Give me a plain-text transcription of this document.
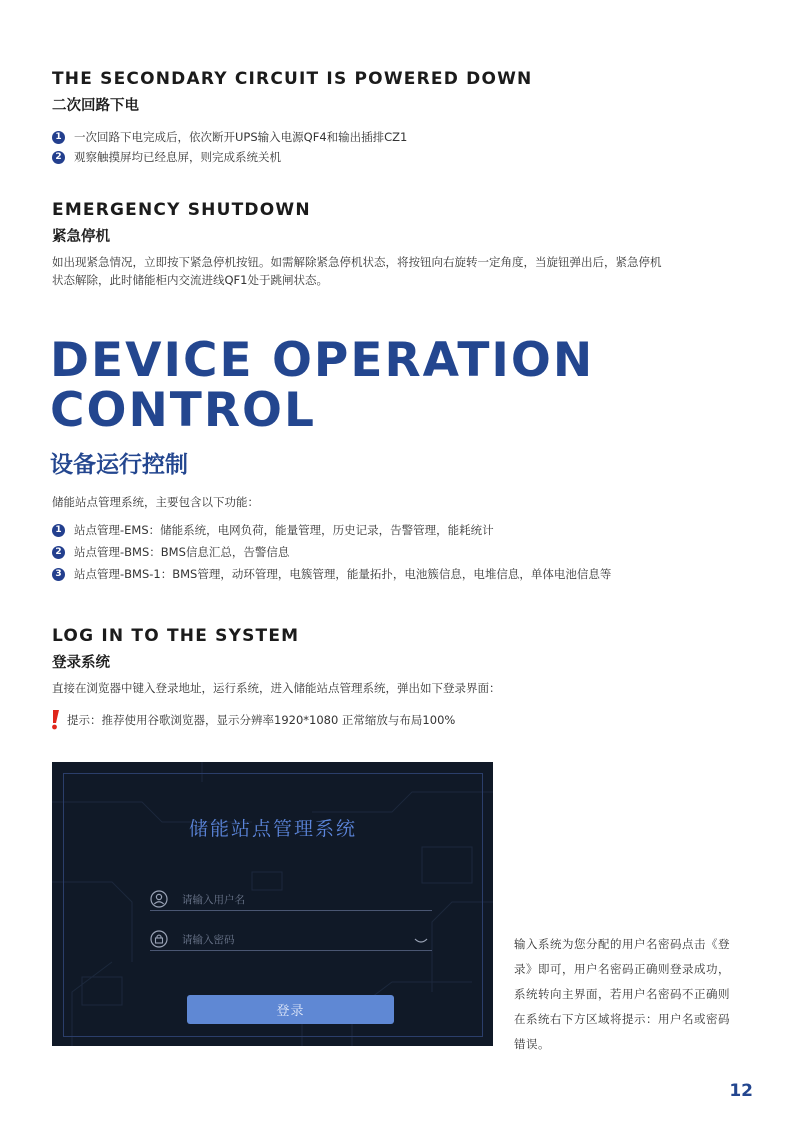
THE SECONDARY CIRCUIT IS POWERED DOWN
二次回路下电
1 一次回路下电完成后，依次断开UPS输入电源QF4和输出插排CZ1
2 观察触摸屏均已经息屏，则完成系统关机
EMERGENCY SHUTDOWN
紧急停机
如出现紧急情况，立即按下紧急停机按钮。如需解除紧急停机状态，将按钮向右旋转一定角度，当旋钮弹出后，紧急停机
状态解除，此时储能柜内交流进线QF1处于跳闸状态。
DEVICE OPERATION
CONTROL
设备运行控制
储能站点管理系统，主要包含以下功能：
1 站点管理-EMS：储能系统，电网负荷，能量管理，历史记录，告警管理，能耗统计
2 站点管理-BMS：BMS信息汇总，告警信息
3 站点管理-BMS-1：BMS管理，动环管理，电簇管理，能量拓扑，电池簇信息，电堆信息，单体电池信息等
LOG IN TO THE SYSTEM
登录系统
直接在浏览器中键入登录地址，运行系统，进入储能站点管理系统，弹出如下登录界面：
提示：推荐使用谷歌浏览器，显示分辨率1920*1080 正常缩放与布局100%
储能站点管理系统
请输入用户名
请输入密码
登录
输入系统为您分配的用户名密码点击《登
录》即可，用户名密码正确则登录成功，
系统转向主界面，若用户名密码不正确则
在系统右下方区域将提示：用户名或密码
错误。
12
